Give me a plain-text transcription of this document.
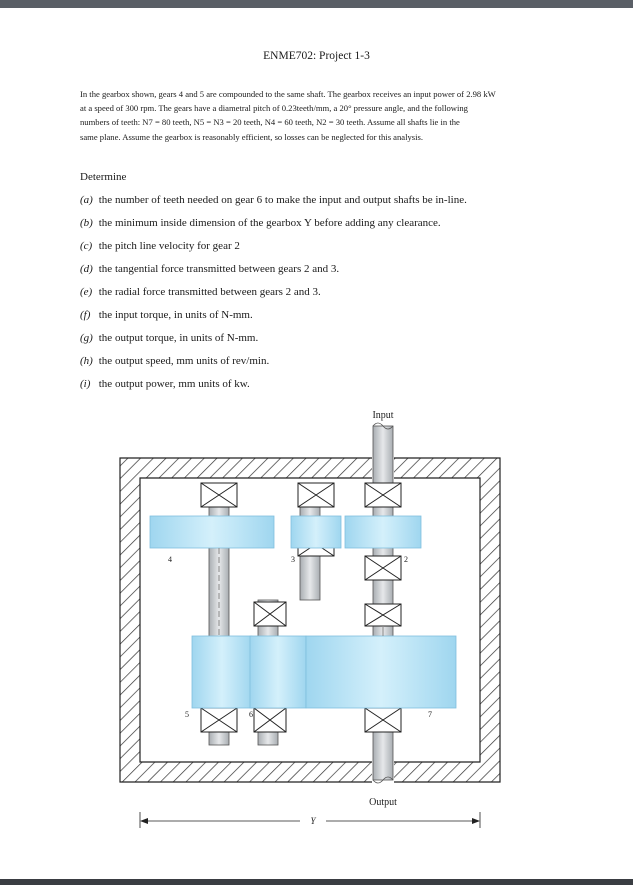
ENME702: Project 1-3
In the gearbox shown, gears 4 and 5 are compounded to the same shaft. The gearbox receives an input power of 2.98 kW
at a speed of 300 rpm. The gears have a diametral pitch of 0.23teeth/mm, a 20° pressure angle, and the following
numbers of teeth: N7 = 80 teeth, N5 = N3 = 20 teeth, N4 = 60 teeth, N2 = 30 teeth. Assume all shafts lie in the
same plane. Assume the gearbox is reasonably efficient, so losses can be neglected for this analysis.
Determine
(a) the number of teeth needed on gear 6 to make the input and output shafts be in-line.
(b) the minimum inside dimension of the gearbox Y before adding any clearance.
(c) the pitch line velocity for gear 2
(d) the tangential force transmitted between gears 2 and 3.
(e) the radial force transmitted between gears 2 and 3.
(f) the input torque, in units of N-mm.
(g) the output torque, in units of N-mm.
(h) the output speed, mm units of rev/min.
(i) the output power, mm units of kw.
4	3	2
5	6	7
Input
Output
Y
